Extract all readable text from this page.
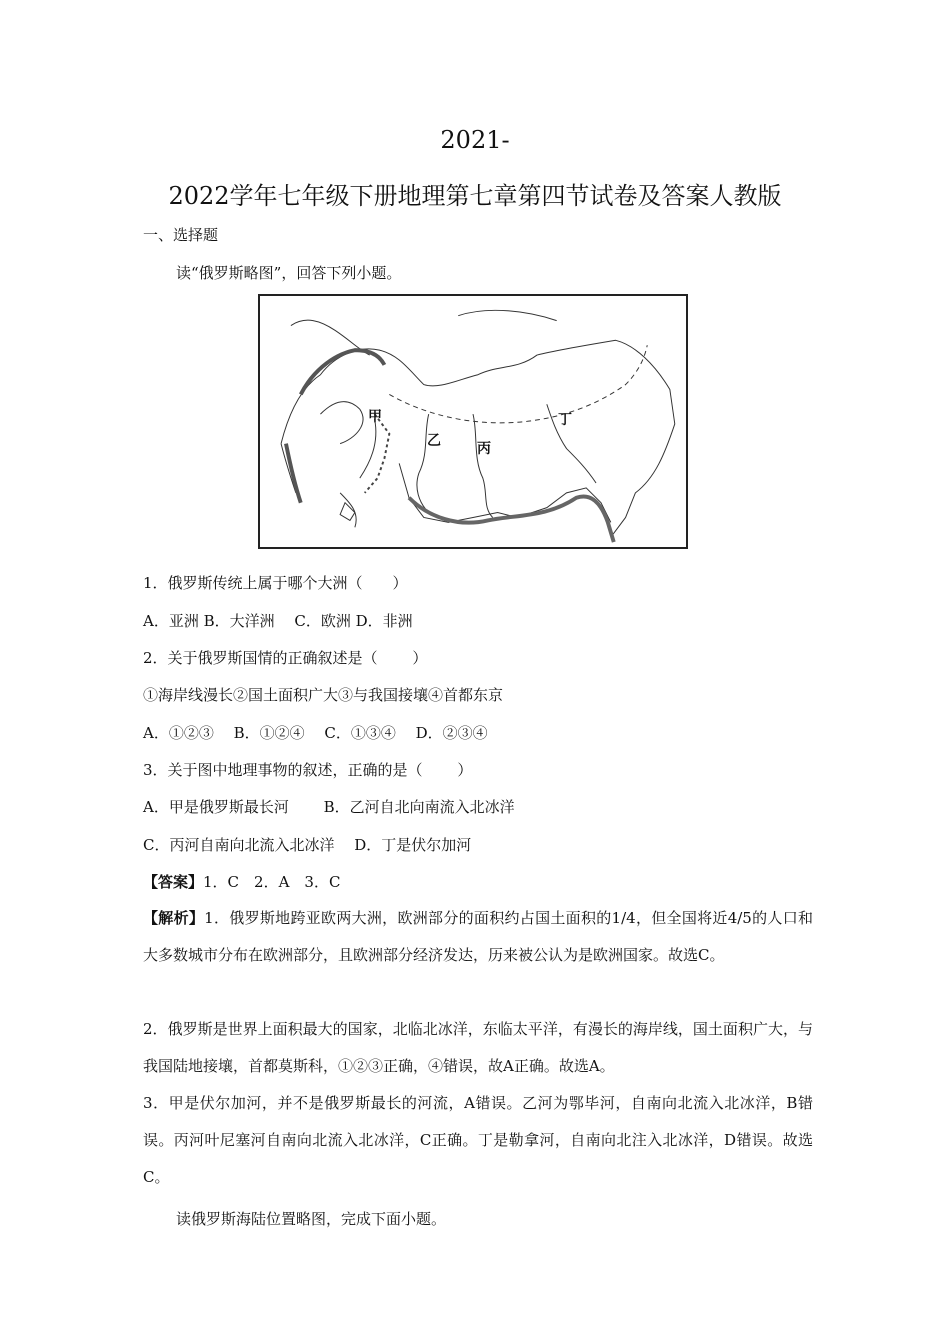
2021-
2022学年七年级下册地理第七章第四节试卷及答案人教版
一、选择题
读“俄罗斯略图”，回答下列小题。
甲
乙	丙
丁
1．俄罗斯传统上属于哪个大洲（　　）
A．亚洲 B．大洋洲　 C．欧洲 D．非洲
2．关于俄罗斯国情的正确叙述是（　　 ）
①海岸线漫长②国土面积广大③与我国接壤④首都东京
A．①②③　 B．①②④　 C．①③④　 D．②③④
3．关于图中地理事物的叙述，正确的是（　　 ）
A．甲是俄罗斯最长河　　 B．乙河自北向南流入北冰洋
C．丙河自南向北流入北冰洋　 D．丁是伏尔加河
【答案】1．C　2．A　3．C
【解析】1．俄罗斯地跨亚欧两大洲，欧洲部分的面积约占国土面积的1/4，但全国将近4/5的人口和大多数城市分布在欧洲部分，且欧洲部分经济发达，历来被公认为是欧洲国家。故选C。
2．俄罗斯是世界上面积最大的国家，北临北冰洋，东临太平洋，有漫长的海岸线，国土面积广大，与我国陆地接壤，首都莫斯科，①②③正确，④错误，故A正确。故选A。
3．甲是伏尔加河，并不是俄罗斯最长的河流，A错误。乙河为鄂毕河，自南向北流入北冰洋，B错误。丙河叶尼塞河自南向北流入北冰洋，C正确。丁是勒拿河，自南向北注入北冰洋，D错误。故选C。
读俄罗斯海陆位置略图，完成下面小题。
